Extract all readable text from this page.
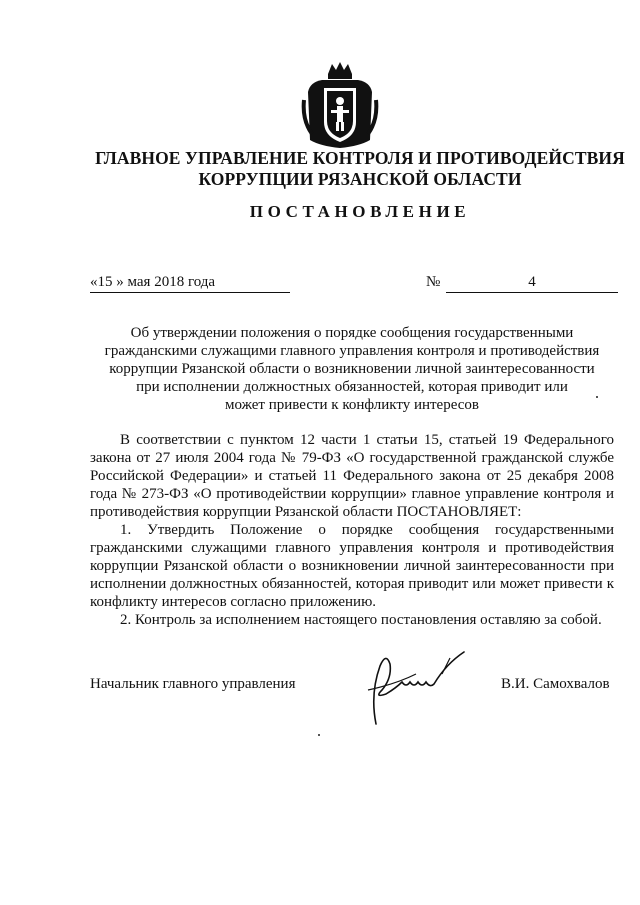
ГЛАВНОЕ УПРАВЛЕНИЕ КОНТРОЛЯ И ПРОТИВОДЕЙСТВИЯ
КОРРУПЦИИ РЯЗАНСКОЙ ОБЛАСТИ
ПОСТАНОВЛЕНИЕ
«15 » мая 2018 года	№	4
Об утверждении положения о порядке сообщения государственными
гражданскими служащими главного управления контроля и противодействия
коррупции Рязанской области о возникновении личной заинтересованности
при исполнении должностных обязанностей, которая приводит или
может привести к конфликту интересов

В соответствии с пунктом 12 части 1 статьи 15, статьей 19 Федерального закона от 27 июля 2004 года № 79-ФЗ «О государственной гражданской службе Российской Федерации» и статьей 11 Федерального закона от 25 декабря 2008 года № 273-ФЗ «О противодействии коррупции» главное управление контроля и противодействия коррупции Рязанской области ПОСТАНОВЛЯЕТ:

1. Утвердить Положение о порядке сообщения государственными гражданскими служащими главного управления контроля и противодействия коррупции Рязанской области о возникновении личной заинтересованности при исполнении должностных обязанностей, которая приводит или может привести к конфликту интересов согласно приложению.

2. Контроль за исполнением настоящего постановления оставляю за собой.

Начальник главного управления	В.И. Самохвалов
